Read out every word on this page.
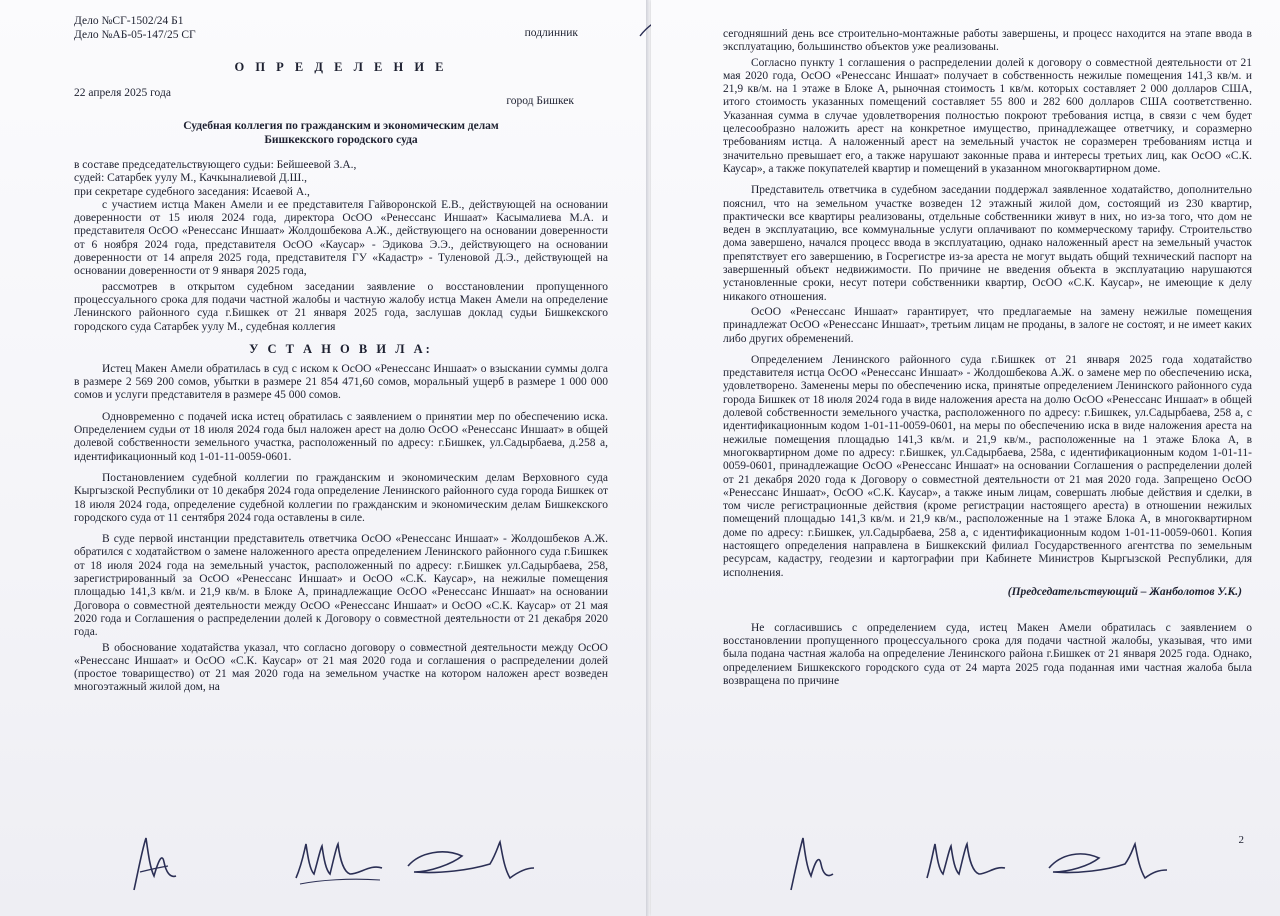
Дело №СГ-1502/24 Б1
Дело №АБ-05-147/25 СГ	подлинник
О П Р Е Д Е Л Е Н И Е
22 апреля 2025 года
город Бишкек
Судебная коллегия по гражданским и экономическим делам
Бишкекского городского суда
в составе председательствующего судьи: Бейшеевой З.А.,
судей: Сатарбек уулу М., Качкыналиевой Д.Ш.,
при секретаре судебного заседания: Исаевой А.,
с участием истца Макен Амели и ее представителя Гайворонской Е.В., действующей на основании доверенности от 15 июля 2024 года, директора ОсОО «Ренессанс Иншаат» Касымалиева М.А. и представителя ОсОО «Ренессанс Иншаат» Жолдошбекова А.Ж., действующего на основании доверенности от 6 ноября 2024 года, представителя ОсОО «Каусар» - Эдикова Э.Э., действующего на основании доверенности от 14 апреля 2025 года, представителя ГУ «Кадастр» - Туленовой Д.Э., действующей на основании доверенности от 9 января 2025 года,
рассмотрев в открытом судебном заседании заявление о восстановлении пропущенного процессуального срока для подачи частной жалобы и частную жалобу истца Макен Амели на определение Ленинского районного суда г.Бишкек от 21 января 2025 года, заслушав доклад судьи Бишкекского городского суда Сатарбек уулу М., судебная коллегия
У С Т А Н О В И Л А:
Истец Макен Амели обратилась в суд с иском к ОсОО «Ренессанс Иншаат» о взыскании суммы долга в размере 2 569 200 сомов, убытки в размере 21 854 471,60 сомов, моральный ущерб в размере 1 000 000 сомов и услуги представителя в размере 45 000 сомов.
Одновременно с подачей иска истец обратилась с заявлением о принятии мер по обеспечению иска. Определением судьи от 18 июля 2024 года был наложен арест на долю ОсОО «Ренессанс Иншаат» в общей долевой собственности земельного участка, расположенный по адресу: г.Бишкек, ул.Садырбаева, д.258 а, идентификационный код 1-01-11-0059-0601.
Постановлением судебной коллегии по гражданским и экономическим делам Верховного суда Кыргызской Республики от 10 декабря 2024 года определение Ленинского районного суда города Бишкек от 18 июля 2024 года, определение судебной коллегии по гражданским и экономическим делам Бишкекского городского суда от 11 сентября 2024 года оставлены в силе.
В суде первой инстанции представитель ответчика ОсОО «Ренессанс Иншаат» - Жолдошбеков А.Ж. обратился с ходатайством о замене наложенного ареста определением Ленинского районного суда г.Бишкек от 18 июля 2024 года на земельный участок, расположенный по адресу: г.Бишкек ул.Садырбаева, 258, зарегистрированный за ОсОО «Ренессанс Иншаат» и ОсОО «С.К. Каусар», на нежилые помещения площадью 141,3 кв/м. и 21,9 кв/м. в Блоке А, принадлежащие ОсОО «Ренессанс Иншаат» на основании Договора о совместной деятельности между ОсОО «Ренессанс Иншаат» и ОсОО «С.К. Каусар» от 21 мая 2020 года и Соглашения о распределении долей к Договору о совместной деятельности от 21 декабря 2020 года.
В обоснование ходатайства указал, что согласно договору о совместной деятельности между ОсОО «Ренессанс Иншаат» и ОсОО «С.К. Каусар» от 21 мая 2020 года и соглашения о распределении долей (простое товарищество) от 21 мая 2020 года на земельном участке на котором наложен арест возведен многоэтажный жилой дом, на
сегодняшний день все строительно-монтажные работы завершены, и процесс находится на этапе ввода в эксплуатацию, большинство объектов уже реализованы.
Согласно пункту 1 соглашения о распределении долей к договору о совместной деятельности от 21 мая 2020 года, ОсОО «Ренессанс Иншаат» получает в собственность нежилые помещения 141,3 кв/м. и 21,9 кв/м. на 1 этаже в Блоке А, рыночная стоимость 1 кв/м. которых составляет 2 000 долларов США, итого стоимость указанных помещений составляет 55 800 и 282 600 долларов США соответственно. Указанная сумма в случае удовлетворения полностью покроют требования истца, в связи с чем будет целесообразно наложить арест на конкретное имущество, принадлежащее ответчику, и соразмерно требованиям истца. А наложенный арест на земельный участок не соразмерен требованиям истца и значительно превышает его, а также нарушают законные права и интересы третьих лиц, как ОсОО «С.К. Каусар», а также покупателей квартир и помещений в указанном многоквартирном доме.
Представитель ответчика в судебном заседании поддержал заявленное ходатайство, дополнительно пояснил, что на земельном участке возведен 12 этажный жилой дом, состоящий из 230 квартир, практически все квартиры реализованы, отдельные собственники живут в них, но из-за того, что дом не веден в эксплуатацию, все коммунальные услуги оплачивают по коммерческому тарифу. Строительство дома завершено, начался процесс ввода в эксплуатацию, однако наложенный арест на земельный участок препятствует его завершению, в Госрегистре из-за ареста не могут выдать общий технический паспорт на завершенный объект недвижимости. По причине не введения объекта в эксплуатацию нарушаются установленные сроки, несут потери собственники квартир, ОсОО «С.К. Каусар», не имеющие к делу никакого отношения.
ОсОО «Ренессанс Иншаат» гарантирует, что предлагаемые на замену нежилые помещения принадлежат ОсОО «Ренессанс Иншаат», третьим лицам не проданы, в залоге не состоят, и не имеет каких либо других обременений.
Определением Ленинского районного суда г.Бишкек от 21 января 2025 года ходатайство представителя истца ОсОО «Ренессанс Иншаат» - Жолдошбекова А.Ж. о замене мер по обеспечению иска, удовлетворено. Заменены меры по обеспечению иска, принятые определением Ленинского районного суда города Бишкек от 18 июля 2024 года в виде наложения ареста на долю ОсОО «Ренессанс Иншаат» в общей долевой собственности земельного участка, расположенного по адресу: г.Бишкек, ул.Садырбаева, 258 а, с идентификационным кодом 1-01-11-0059-0601, на меры по обеспечению иска в виде наложения ареста на нежилые помещения площадью 141,3 кв/м. и 21,9 кв/м., расположенные на 1 этаже Блока А, в многоквартирном доме по адресу: г.Бишкек, ул.Садырбаева, 258а, с идентификационным кодом 1-01-11-0059-0601, принадлежащие ОсОО «Ренессанс Иншаат» на основании Соглашения о распределении долей от 21 декабря 2020 года к Договору о совместной деятельности от 21 мая 2020 года. Запрещено ОсОО «Ренессанс Иншаат», ОсОО «С.К. Каусар», а также иным лицам, совершать любые действия и сделки, в том числе регистрационные действия (кроме регистрации настоящего ареста) в отношении нежилых помещений площадью 141,3 кв/м. и 21,9 кв/м., расположенные на 1 этаже Блока А, в многоквартирном доме по адресу: г.Бишкек, ул.Садырбаева, 258 а, с идентификационным кодом 1-01-11-0059-0601. Копия настоящего определения направлена в Бишкекский филиал Государственного агентства по земельным ресурсам, кадастру, геодезии и картографии при Кабинете Министров Кыргызской Республики, для исполнения.
(Председательствующий – Жанболотов У.К.)
Не согласившись с определением суда, истец Макен Амели обратилась с заявлением о восстановлении пропущенного процессуального срока для подачи частной жалобы, указывая, что ими была подана частная жалоба на определение Ленинского района г.Бишкек от 21 января 2025 года. Однако, определением Бишкекского городского суда от 24 марта 2025 года поданная ими частная жалоба была возвращена по причине
2
